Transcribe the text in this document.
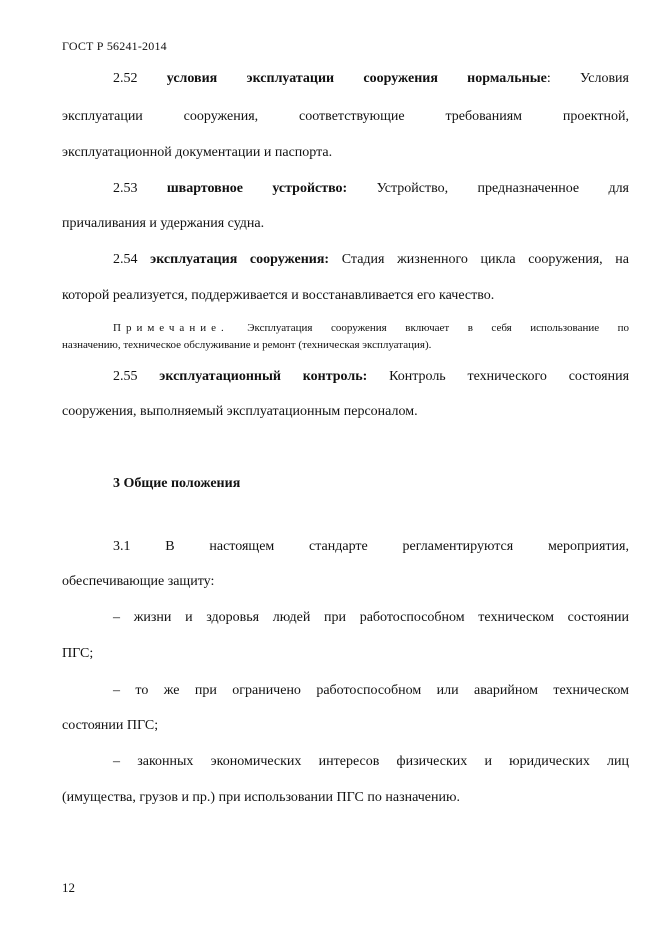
ГОСТ Р 56241-2014
2.52 условия эксплуатации сооружения нормальные: Условия
эксплуатации сооружения, соответствующие требованиям проектной,
эксплуатационной документации и паспорта.
2.53 швартовное устройство: Устройство, предназначенное для
причаливания и удержания судна.
2.54 эксплуатация сооружения: Стадия жизненного цикла сооружения, на
которой реализуется, поддерживается и восстанавливается его качество.
Примечание. Эксплуатация сооружения включает в себя использование по
назначению, техническое обслуживание и ремонт (техническая эксплуатация).
2.55 эксплуатационный контроль: Контроль технического состояния
сооружения, выполняемый эксплуатационным персоналом.
3 Общие положения
3.1 В настоящем стандарте регламентируются мероприятия,
обеспечивающие защиту:
– жизни и здоровья людей при работоспособном техническом состоянии
ПГС;
– то же при ограничено работоспособном или аварийном техническом
состоянии ПГС;
– законных экономических интересов физических и юридических лиц
(имущества, грузов и пр.) при использовании ПГС по назначению.
12
